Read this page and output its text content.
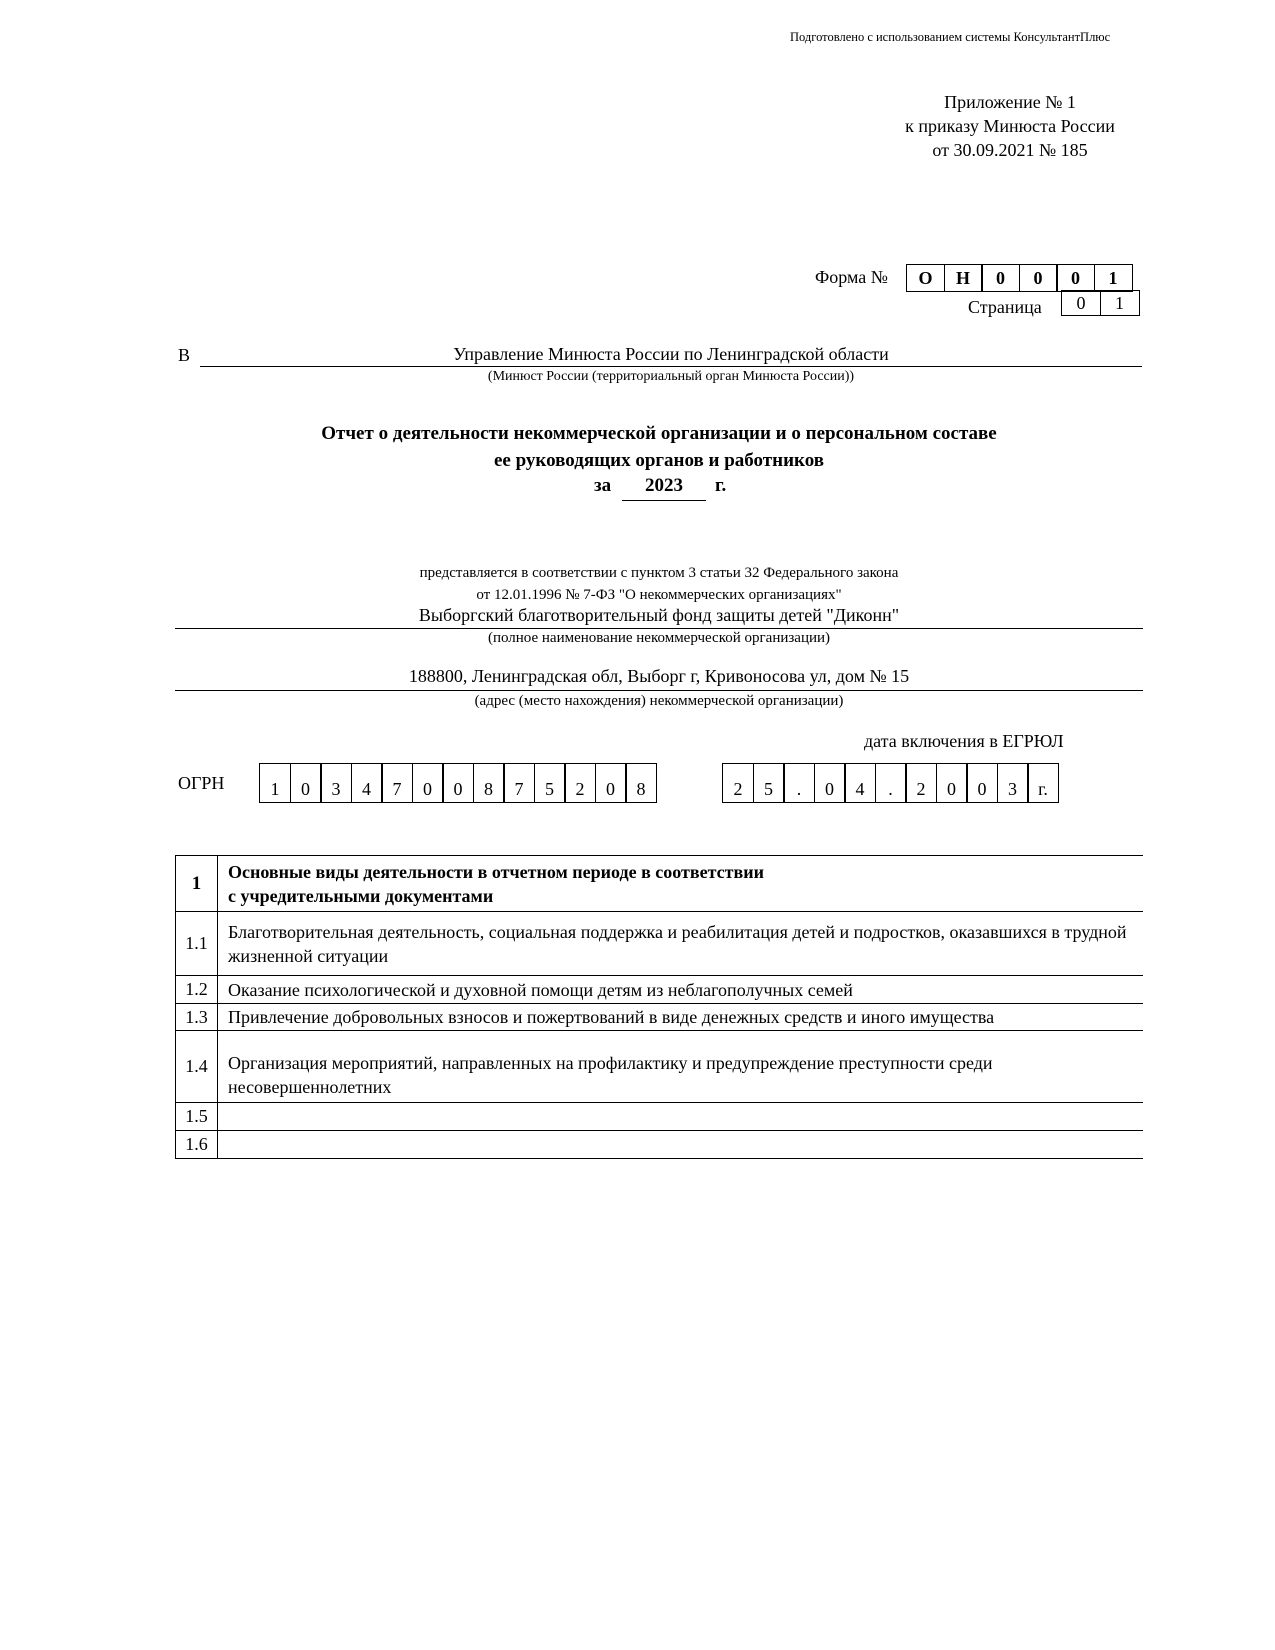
Подготовлено с использованием системы КонсультантПлюс
Приложение № 1
к приказу Минюста России
от 30.09.2021 № 185
Форма №	О	Н	0	0	0	1
Страница	0	1
В	Управление Минюста России по Ленинградской области
(Минюст России (территориальный орган Минюста России))
Отчет о деятельности некоммерческой организации и о персональном составе
ее руководящих органов и работников
за	2023	г.
представляется в соответствии с пунктом 3 статьи 32 Федерального закона
от 12.01.1996 № 7-ФЗ "О некоммерческих организациях"
Выборгский благотворительный фонд защиты детей "Диконн"
(полное наименование некоммерческой организации)
188800, Ленинградская обл, Выборг г, Кривоносова ул, дом № 15
(адрес (место нахождения) некоммерческой организации)
дата включения в ЕГРЮЛ
ОГРН	1	0	3	4	7	0	0	8	7	5	2	0	8	2	5	.	0	4	.	2	0	0	3	г.
1	Основные виды деятельности в отчетном периоде в соответствии
с учредительными документами

1.1	Благотворительная деятельность, социальная поддержка и реабилитация детей и подростков, оказавшихся в трудной жизненной ситуации
1.2	Оказание психологической и духовной помощи детям из неблагополучных семей
1.3	Привлечение добровольных взносов и пожертвований в виде денежных средств и иного имущества
1.4	Организация мероприятий, направленных на профилактику и предупреждение преступности среди несовершеннолетних
1.5	
1.6	
